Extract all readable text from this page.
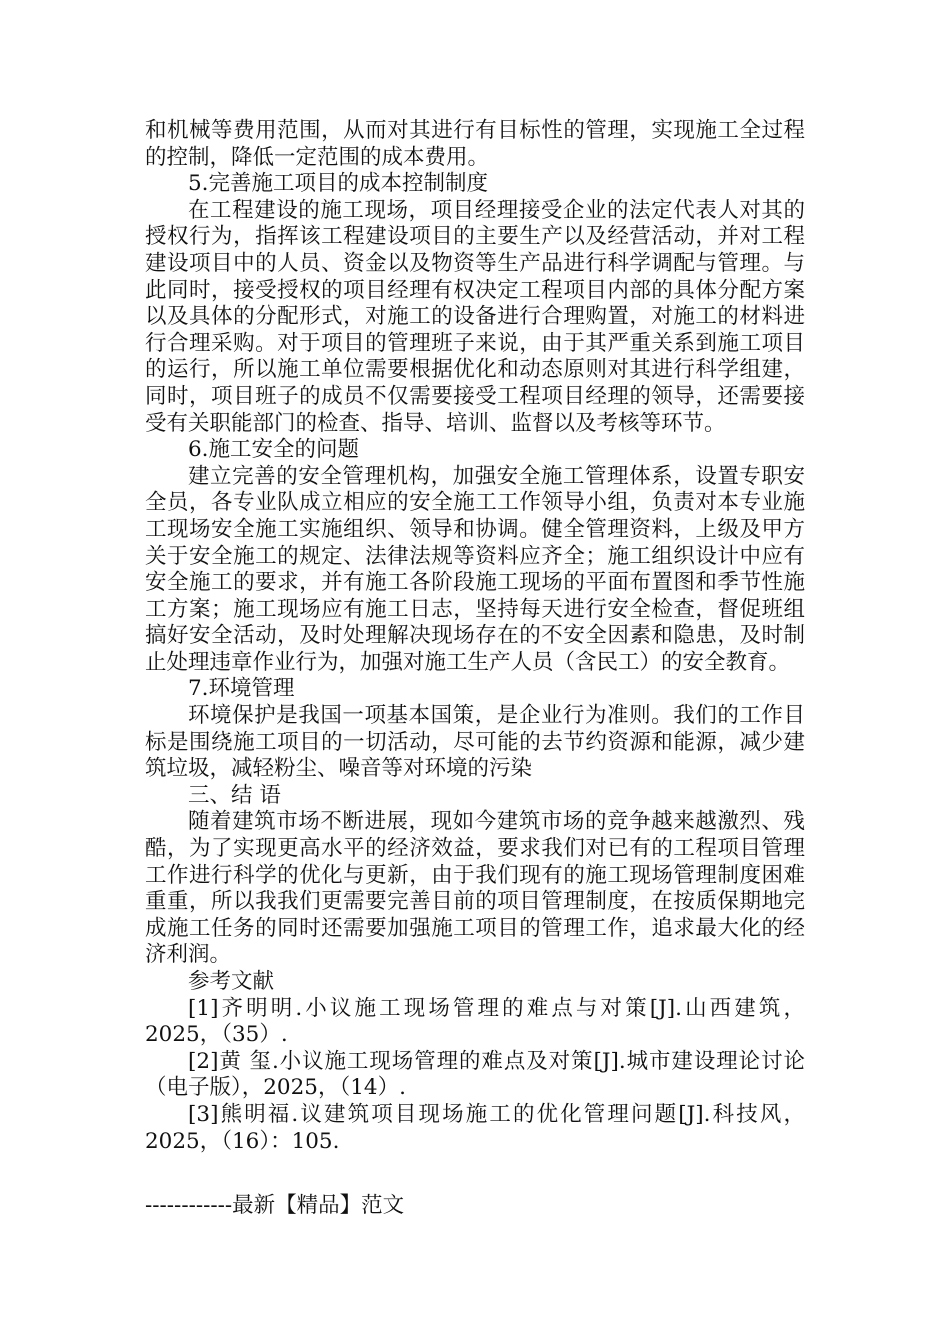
和机械等费用范围，从而对其进行有目标性的管理，实现施工全过程的控制，降低一定范围的成本费用。

5.完善施工项目的成本控制制度

在工程建设的施工现场，项目经理接受企业的法定代表人对其的授权行为，指挥该工程建设项目的主要生产以及经营活动，并对工程建设项目中的人员、资金以及物资等生产品进行科学调配与管理。与此同时，接受授权的项目经理有权决定工程项目内部的具体分配方案以及具体的分配形式，对施工的设备进行合理购置，对施工的材料进行合理采购。对于项目的管理班子来说，由于其严重关系到施工项目的运行，所以施工单位需要根据优化和动态原则对其进行科学组建，同时，项目班子的成员不仅需要接受工程项目经理的领导，还需要接受有关职能部门的检查、指导、培训、监督以及考核等环节。

6.施工安全的问题

建立完善的安全管理机构，加强安全施工管理体系，设置专职安全员，各专业队成立相应的安全施工工作领导小组，负责对本专业施工现场安全施工实施组织、领导和协调。健全管理资料，上级及甲方关于安全施工的规定、法律法规等资料应齐全；施工组织设计中应有安全施工的要求，并有施工各阶段施工现场的平面布置图和季节性施工方案；施工现场应有施工日志，坚持每天进行安全检查，督促班组搞好安全活动，及时处理解决现场存在的不安全因素和隐患，及时制止处理违章作业行为，加强对施工生产人员（含民工）的安全教育。

7.环境管理

环境保护是我国一项基本国策，是企业行为准则。我们的工作目标是围绕施工项目的一切活动，尽可能的去节约资源和能源，减少建筑垃圾，减轻粉尘、噪音等对环境的污染

三、结 语

随着建筑市场不断进展，现如今建筑市场的竞争越来越激烈、残酷，为了实现更高水平的经济效益，要求我们对已有的工程项目管理工作进行科学的优化与更新，由于我们现有的施工现场管理制度困难重重，所以我我们更需要完善目前的项目管理制度，在按质保期地完成施工任务的同时还需要加强施工项目的管理工作，追求最大化的经济利润。

参考文献

[1]齐明明.小议施工现场管理的难点与对策[J].山西建筑，2025，（35）.

[2]黄 玺.小议施工现场管理的难点及对策[J].城市建设理论讨论（电子版），2025，（14）.

[3]熊明福.议建筑项目现场施工的优化管理问题[J].科技风，2025，（16）：105.

------------最新【精品】范文
